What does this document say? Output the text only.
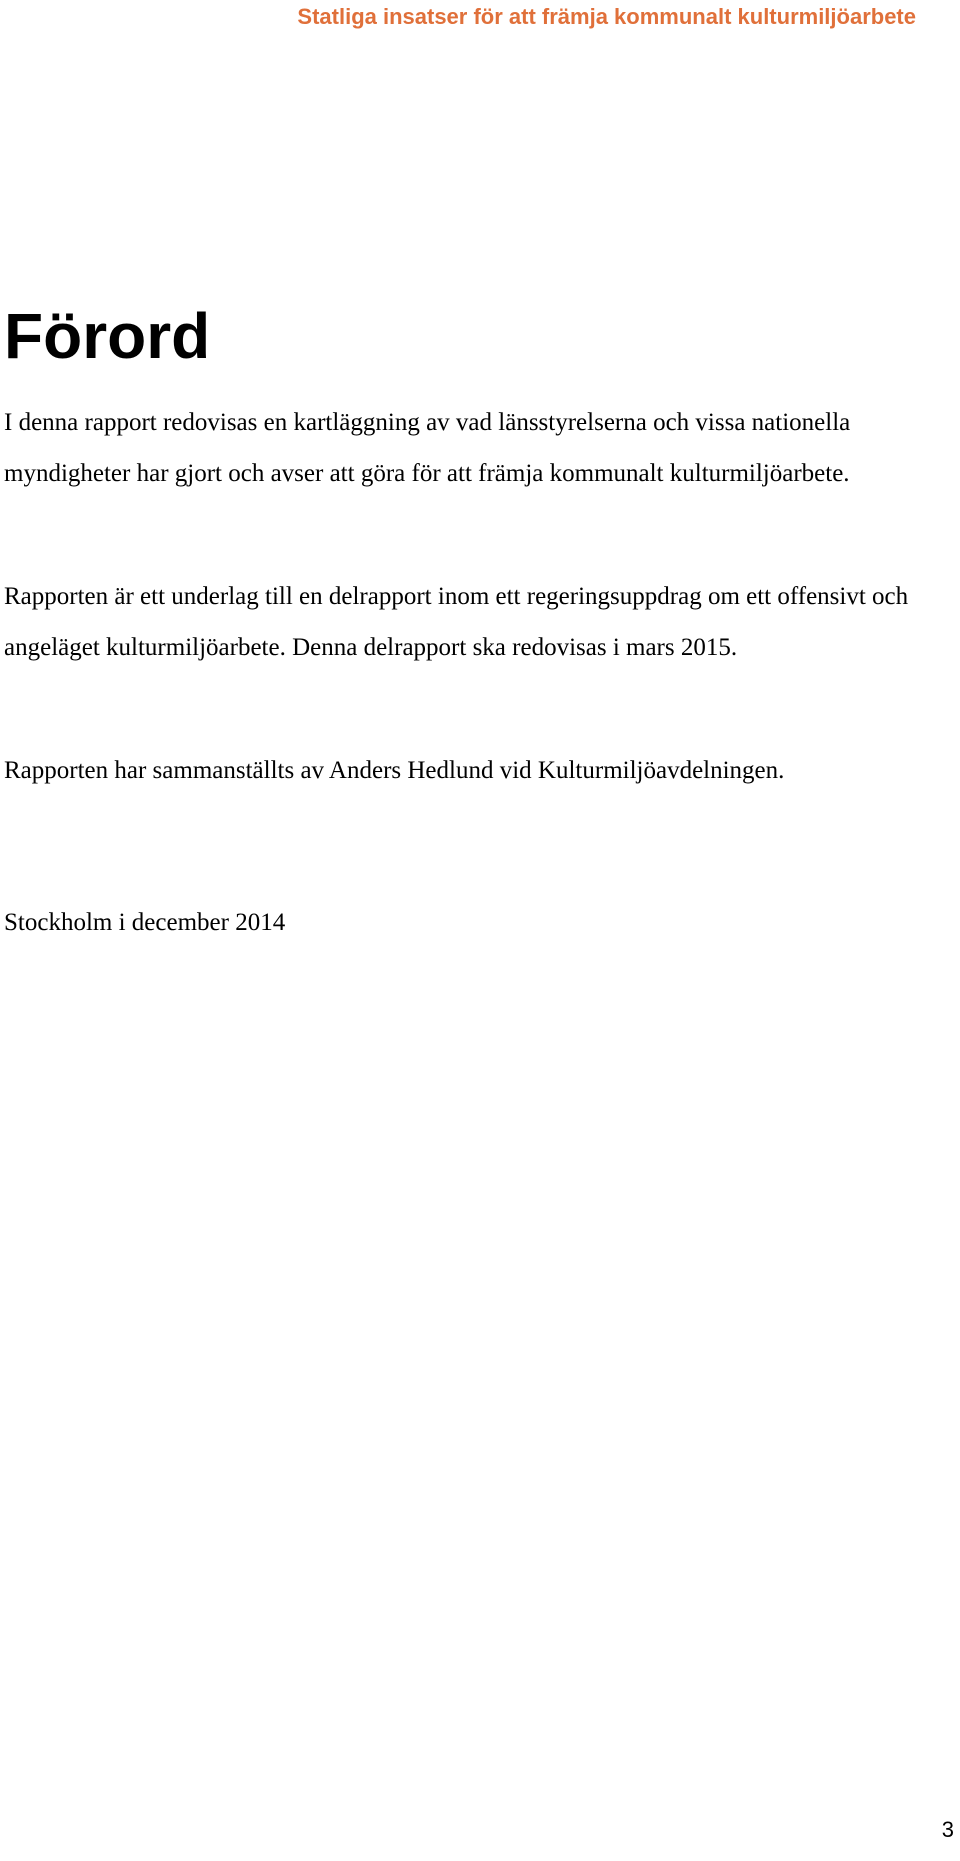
Statliga insatser för att främja kommunalt kulturmiljöarbete
Förord

I denna rapport redovisas en kartläggning av vad länsstyrelserna och vissa nationella myndigheter har gjort och avser att göra för att främja kommunalt kulturmiljöarbete.

Rapporten är ett underlag till en delrapport inom ett regeringsuppdrag om ett offensivt och angeläget kulturmiljöarbete. Denna delrapport ska redovisas i mars 2015.

Rapporten har sammanställts av Anders Hedlund vid Kulturmiljöavdelningen.

Stockholm i december 2014

3
